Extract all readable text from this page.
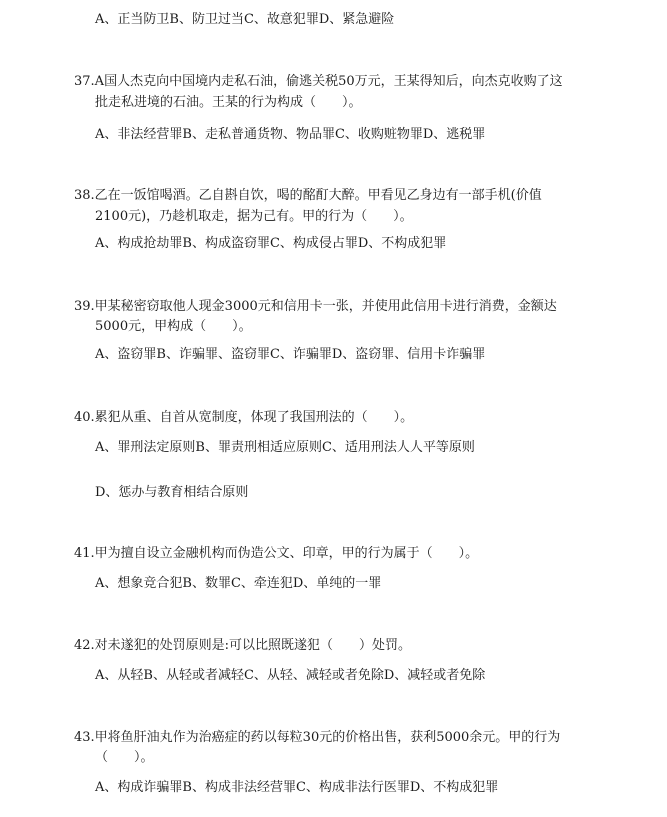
A、正当防卫B、防卫过当C、故意犯罪D、紧急避险
37.A国人杰克向中国境内走私石油，偷逃关税50万元，王某得知后，向杰克收购了这
批走私进境的石油。王某的行为构成（　　）。
A、非法经营罪B、走私普通货物、物品罪C、收购赃物罪D、逃税罪
38.乙在一饭馆喝酒。乙自斟自饮，喝的酩酊大醉。甲看见乙身边有一部手机(价值
2100元)，乃趁机取走，据为己有。甲的行为（　　）。
A、构成抢劫罪B、构成盗窃罪C、构成侵占罪D、不构成犯罪
39.甲某秘密窃取他人现金3000元和信用卡一张，并使用此信用卡进行消费，金额达
5000元，甲构成（　　）。
A、盗窃罪B、诈骗罪、盗窃罪C、诈骗罪D、盗窃罪、信用卡诈骗罪
40.累犯从重、自首从宽制度，体现了我国刑法的（　　）。
A、罪刑法定原则B、罪责刑相适应原则C、适用刑法人人平等原则
D、惩办与教育相结合原则
41.甲为擅自设立金融机构而伪造公文、印章，甲的行为属于（　　）。
A、想象竞合犯B、数罪C、牵连犯D、单纯的一罪
42.对未遂犯的处罚原则是:可以比照既遂犯（　　）处罚。
A、从轻B、从轻或者减轻C、从轻、减轻或者免除D、减轻或者免除
43.甲将鱼肝油丸作为治癌症的药以每粒30元的价格出售，获利5000余元。甲的行为
（　　）。
A、构成诈骗罪B、构成非法经营罪C、构成非法行医罪D、不构成犯罪
